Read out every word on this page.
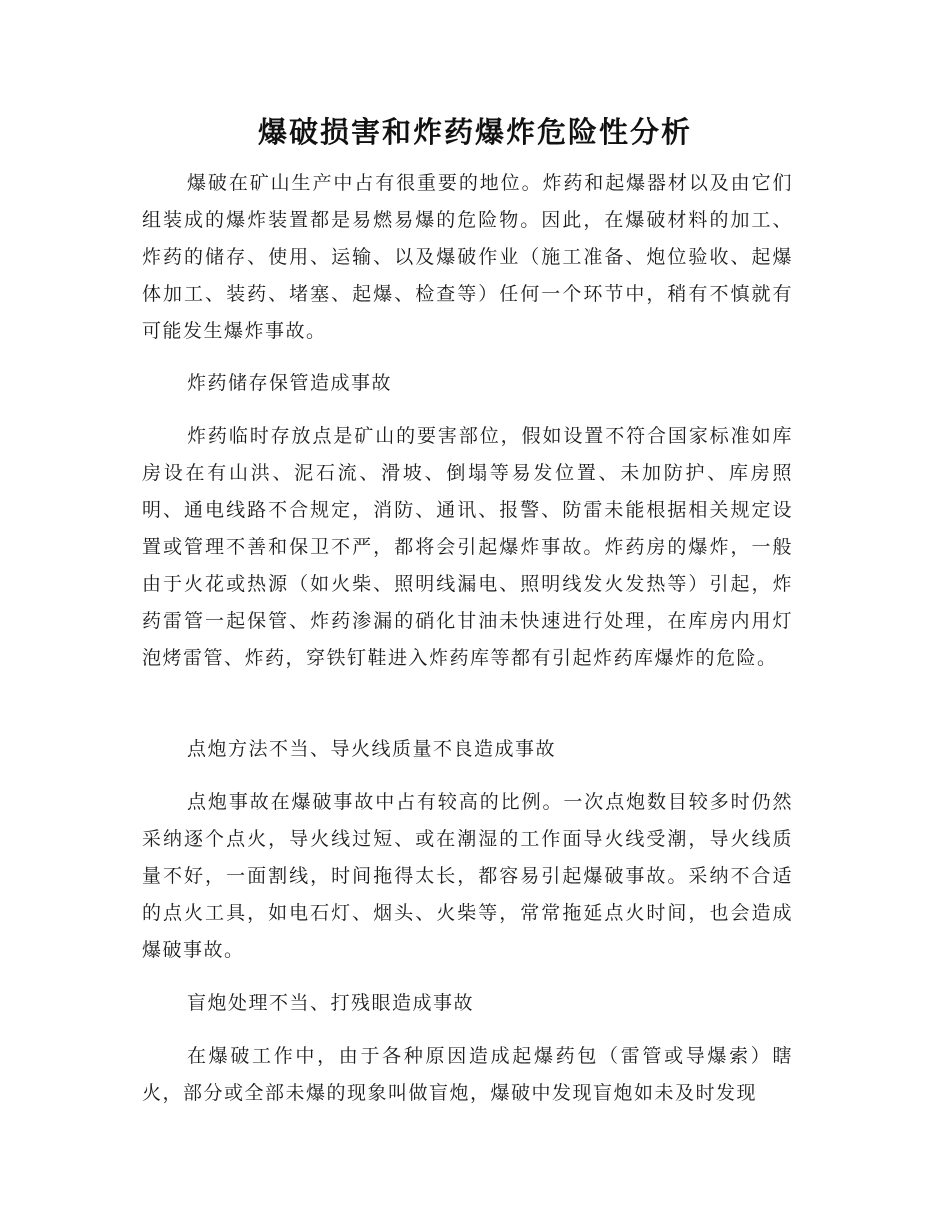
爆破损害和炸药爆炸危险性分析

爆破在矿山生产中占有很重要的地位。炸药和起爆器材以及由它们组装成的爆炸装置都是易燃易爆的危险物。因此，在爆破材料的加工、炸药的储存、使用、运输、以及爆破作业（施工准备、炮位验收、起爆体加工、装药、堵塞、起爆、检查等）任何一个环节中，稍有不慎就有可能发生爆炸事故。

炸药储存保管造成事故

炸药临时存放点是矿山的要害部位，假如设置不符合国家标准如库房设在有山洪、泥石流、滑坡、倒塌等易发位置、未加防护、库房照明、通电线路不合规定，消防、通讯、报警、防雷未能根据相关规定设置或管理不善和保卫不严，都将会引起爆炸事故。炸药房的爆炸，一般由于火花或热源（如火柴、照明线漏电、照明线发火发热等）引起，炸药雷管一起保管、炸药渗漏的硝化甘油未快速进行处理，在库房内用灯泡烤雷管、炸药，穿铁钉鞋进入炸药库等都有引起炸药库爆炸的危险。

点炮方法不当、导火线质量不良造成事故

点炮事故在爆破事故中占有较高的比例。一次点炮数目较多时仍然采纳逐个点火，导火线过短、或在潮湿的工作面导火线受潮，导火线质量不好，一面割线，时间拖得太长，都容易引起爆破事故。采纳不合适的点火工具，如电石灯、烟头、火柴等，常常拖延点火时间，也会造成爆破事故。

盲炮处理不当、打残眼造成事故

在爆破工作中，由于各种原因造成起爆药包（雷管或导爆索）瞎火，部分或全部未爆的现象叫做盲炮，爆破中发现盲炮如未及时发现
